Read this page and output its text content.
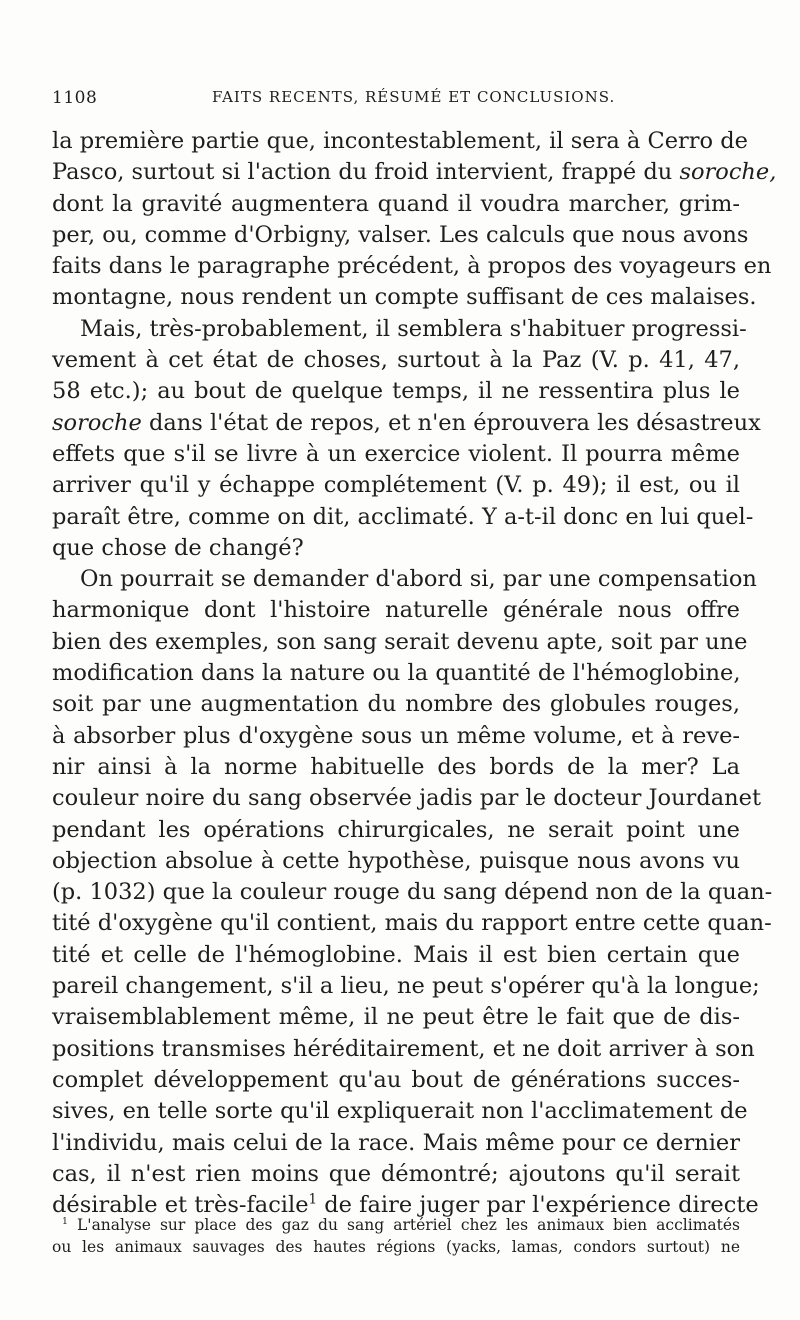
1108	FAITS RECENTS, RÉSUMÉ ET CONCLUSIONS.
la première partie que, incontestablement, il sera à Cerro de
Pasco, surtout si l'action du froid intervient, frappé du soroche,
dont la gravité augmentera quand il voudra marcher, grim-
per, ou, comme d'Orbigny, valser. Les calculs que nous avons
faits dans le paragraphe précédent, à propos des voyageurs en
montagne, nous rendent un compte suffisant de ces malaises.
Mais, très-probablement, il semblera s'habituer progressi-
vement à cet état de choses, surtout à la Paz (V. p. 41, 47,
58 etc.); au bout de quelque temps, il ne ressentira plus le
soroche dans l'état de repos, et n'en éprouvera les désastreux
effets que s'il se livre à un exercice violent. Il pourra même
arriver qu'il y échappe complétement (V. p. 49); il est, ou il
paraît être, comme on dit, acclimaté. Y a-t-il donc en lui quel-
que chose de changé?
On pourrait se demander d'abord si, par une compensation
harmonique dont l'histoire naturelle générale nous offre
bien des exemples, son sang serait devenu apte, soit par une
modification dans la nature ou la quantité de l'hémoglobine,
soit par une augmentation du nombre des globules rouges,
à absorber plus d'oxygène sous un même volume, et à reve-
nir ainsi à la norme habituelle des bords de la mer? La
couleur noire du sang observée jadis par le docteur Jourdanet
pendant les opérations chirurgicales, ne serait point une
objection absolue à cette hypothèse, puisque nous avons vu
(p. 1032) que la couleur rouge du sang dépend non de la quan-
tité d'oxygène qu'il contient, mais du rapport entre cette quan-
tité et celle de l'hémoglobine. Mais il est bien certain que
pareil changement, s'il a lieu, ne peut s'opérer qu'à la longue;
vraisemblablement même, il ne peut être le fait que de dis-
positions transmises héréditairement, et ne doit arriver à son
complet développement qu'au bout de générations succes-
sives, en telle sorte qu'il expliquerait non l'acclimatement de
l'individu, mais celui de la race. Mais même pour ce dernier
cas, il n'est rien moins que démontré; ajoutons qu'il serait
désirable et très-facile$^1$ de faire juger par l'expérience directe
$^1$ L'analyse sur place des gaz du sang artériel chez les animaux bien acclimatés
ou les animaux sauvages des hautes régions (yacks, lamas, condors surtout) ne
